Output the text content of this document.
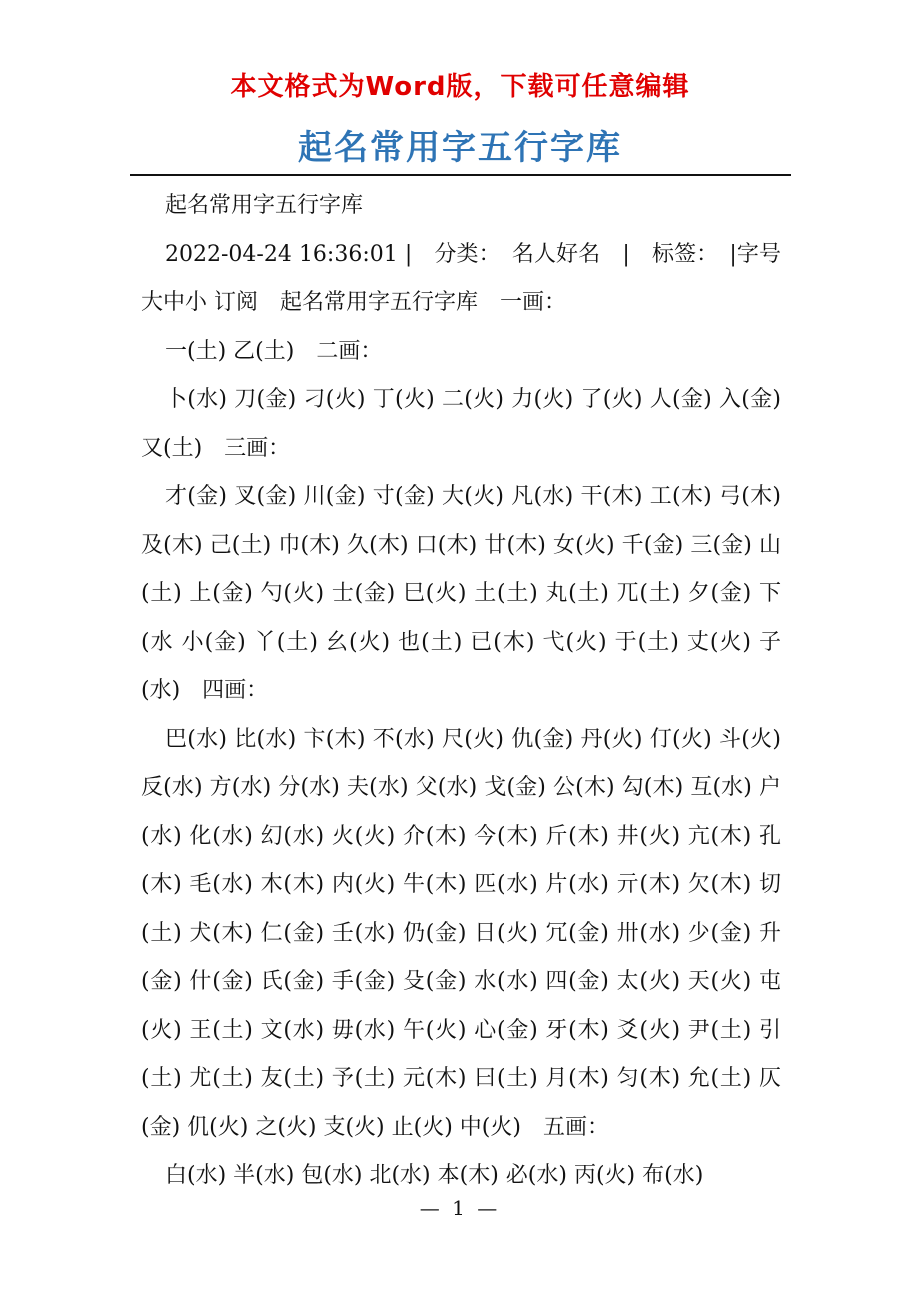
本文格式为Word版，下载可任意编辑
起名常用字五行字库

起名常用字五行字库

2022-04-24 16:36:01 |　分类：　名人好名　|　标签：　|字号大中小 订阅　起名常用字五行字库　一画：

一(土) 乙(土)　二画：

卜(水) 刀(金) 刁(火) 丁(火) 二(火) 力(火) 了(火) 人(金) 入(金) 又(土)　三画：

才(金) 叉(金) 川(金) 寸(金) 大(火) 凡(水) 干(木) 工(木) 弓(木) 及(木) 己(土) 巾(木) 久(木) 口(木) 廿(木) 女(火) 千(金) 三(金) 山(土) 上(金) 勺(火) 士(金) 巳(火) 土(土) 丸(土) 兀(土) 夕(金) 下(水 小(金) 丫(土) 幺(火) 也(土) 已(木) 弋(火) 于(土) 丈(火) 子(水)　四画：

巴(水) 比(水) 卞(木) 不(水) 尺(火) 仇(金) 丹(火) 仃(火) 斗(火) 反(水) 方(水) 分(水) 夫(水) 父(水) 戈(金) 公(木) 勾(木) 互(水) 户(水) 化(水) 幻(水) 火(火) 介(木) 今(木) 斤(木) 井(火) 亢(木) 孔(木) 毛(水) 木(木) 内(火) 牛(木) 匹(水) 片(水) 亓(木) 欠(木) 切(土) 犬(木) 仁(金) 壬(水) 仍(金) 日(火) 冗(金) 卅(水) 少(金) 升(金) 什(金) 氏(金) 手(金) 殳(金) 水(水) 四(金) 太(火) 天(火) 屯(火) 王(土) 文(水) 毋(水) 午(火) 心(金) 牙(木) 爻(火) 尹(土) 引(土) 尤(土) 友(土) 予(土) 元(木) 曰(土) 月(木) 匀(木) 允(土) 仄(金) 仉(火) 之(火) 支(火) 止(火) 中(火)　五画：

白(水) 半(水) 包(水) 北(水) 本(木) 必(水) 丙(火) 布(水)

— 1 —
